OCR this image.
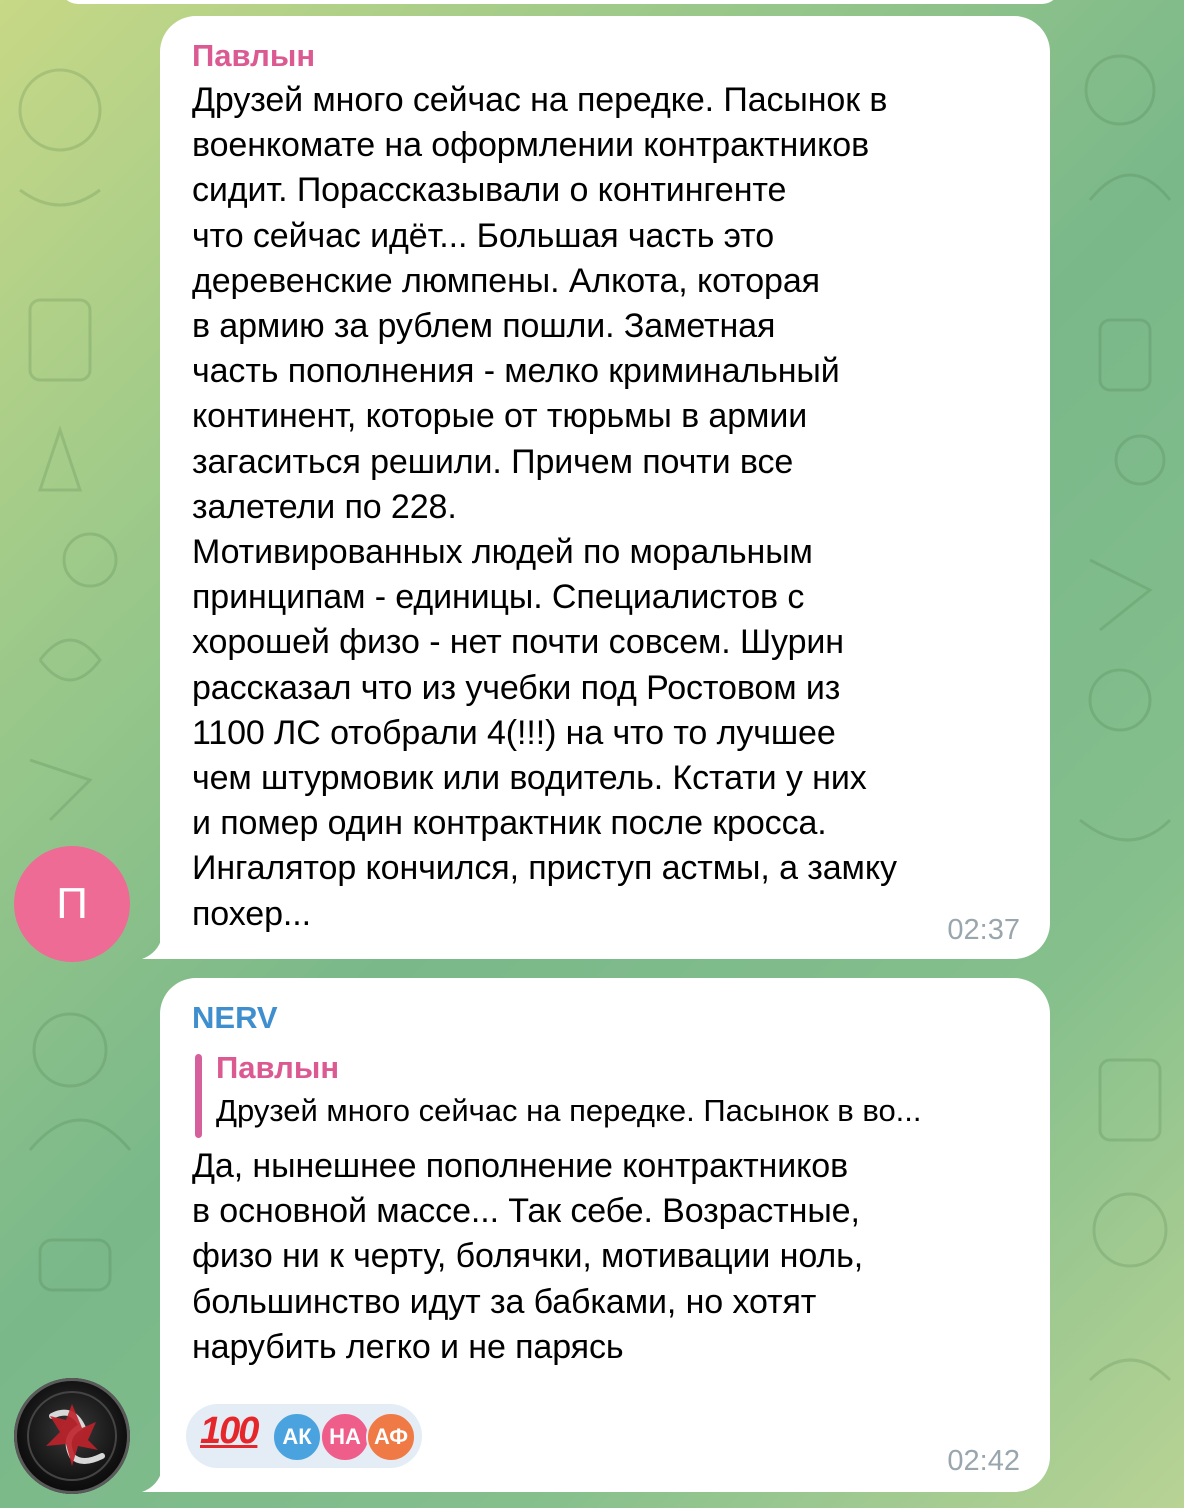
Павлын
Друзей много сейчас на передке. Пасынок в
военкомате на оформлении контрактников
сидит. Порассказывали о контингенте
что сейчас идёт... Большая часть это
деревенские люмпены. Алкота, которая
в армию за рублем пошли. Заметная
часть пополнения - мелко криминальный
континент, которые от тюрьмы в армии
загаситься решили. Причем почти все
залетели по 228.
Мотивированных людей по моральным
принципам - единицы. Специалистов с
хорошей физо - нет почти совсем. Шурин
рассказал что из учебки под Ростовом из
1100 ЛС отобрали 4(!!!) на что то лучшее
чем штурмовик или водитель. Кстати у них
и помер один контрактник после кросса.
Ингалятор кончился, приступ астмы, а замку
похер...	02:37
П
NERV
Павлын
Друзей много сейчас на передке. Пасынок в во...
Да, нынешнее пополнение контрактников
в основной массе... Так себе. Возрастные,
физо ни к черту, болячки, мотивации ноль,
большинство идут за бабками, но хотят
нарубить легко и не парясь
100 АК НА АФ
02:42
